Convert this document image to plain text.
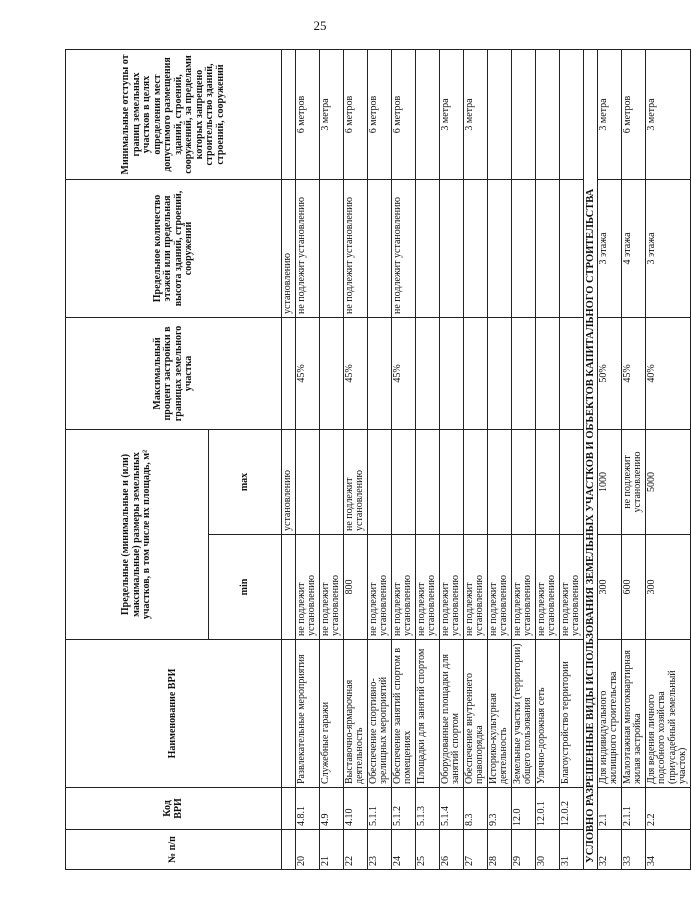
25
№ п/п	Код ВРИ	Наименование ВРИ	Предельные (минимальные и (или) максимальные) размеры земельных участков, в том числе их площадь, м²		Максимальный процент застройки в границах земельного участка	Предельное количество этажей или предельная высота зданий, строений, сооружений	Минимальные отступы от границ земельных участков в целях определения мест допустимого размещения зданий, строений, сооружений, за пределами которых запрещено строительство зданий, строений, сооружений
			min	max			
				установлению		установлению	
20	4.8.1	Развлекательные мероприятия	не подлежит установлению		45%	не подлежит установлению	6 метров
21	4.9	Служебные гаражи	не подлежит установлению				3 метра
22	4.10	Выставочно-ярмарочная деятельность	800	не подлежит установлению	45%	не подлежит установлению	6 метров
23	5.1.1	Обеспечение спортивно-зрелищных мероприятий	не подлежит установлению				6 метров
24	5.1.2	Обеспечение занятий спортом в помещениях	не подлежит установлению		45%	не подлежит установлению	6 метров
25	5.1.3	Площадки для занятий спортом	не подлежит установлению				
26	5.1.4	Оборудованные площадки для занятий спортом	не подлежит установлению				3 метра
27	8.3	Обеспечение внутреннего правопорядка	не подлежит установлению				3 метра
28	9.3	Историко-культурная деятельность	не подлежит установлению				
29	12.0	Земельные участки (территории) общего пользования	не подлежит установлению				
30	12.0.1	Улично-дорожная сеть	не подлежит установлению				
31	12.0.2	Благоустройство территории	не подлежит установлению				
УСЛОВНО РАЗРЕШЕННЫЕ ВИДЫ ИСПОЛЬЗОВАНИЯ ЗЕМЕЛЬНЫХ УЧАСТКОВ И ОБЪЕКТОВ КАПИТАЛЬНОГО СТРОИТЕЛЬСТВА							
32	2.1	Для индивидуального жилищного строительства	300	1000	50%	3 этажа	3 метра
33	2.1.1	Малоэтажная многоквартирная жилая застройка	600	не подлежит установлению	45%	4 этажа	6 метров
34	2.2	Для ведения личного подсобного хозяйства (приусадебный земельный участок)	300	5000	40%	3 этажа	3 метра
